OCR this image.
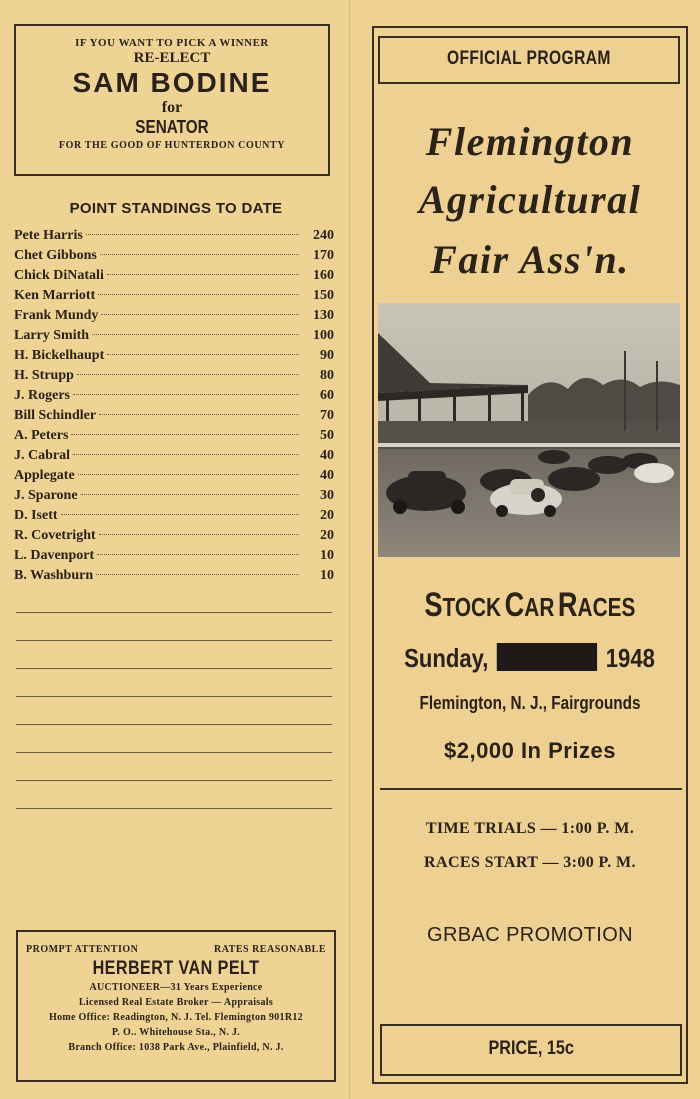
IF YOU WANT TO PICK A WINNER
RE-ELECT
SAM BODINE
for
SENATOR
FOR THE GOOD OF HUNTERDON COUNTY
POINT STANDINGS TO DATE
Pete Harris	240
Chet Gibbons	170
Chick DiNatali	160
Ken Marriott	150
Frank Mundy	130
Larry Smith	100
H. Bickelhaupt	90
H. Strupp	80
J. Rogers	60
Bill Schindler	70
A. Peters	50
J. Cabral	40
Applegate	40
J. Sparone	30
D. Isett	20
R. Covetright	20
L. Davenport	10
B. Washburn	10
PROMPT ATTENTION	RATES REASONABLE
HERBERT VAN PELT
AUCTIONEER—31 Years Experience
Licensed Real Estate Broker — Appraisals
Home Office: Readington, N. J. Tel. Flemington 901R12
P. O.. Whitehouse Sta., N. J.
Branch Office: 1038 Park Ave., Plainfield, N. J.
OFFICIAL PROGRAM
Flemington
Agricultural
Fair Ass'n.
STOCK CAR RACES
Sunday,	1948
Flemington, N. J., Fairgrounds
$2,000 In Prizes
TIME TRIALS — 1:00 P. M.
RACES START — 3:00 P. M.
GRBAC PROMOTION
PRICE, 15c
